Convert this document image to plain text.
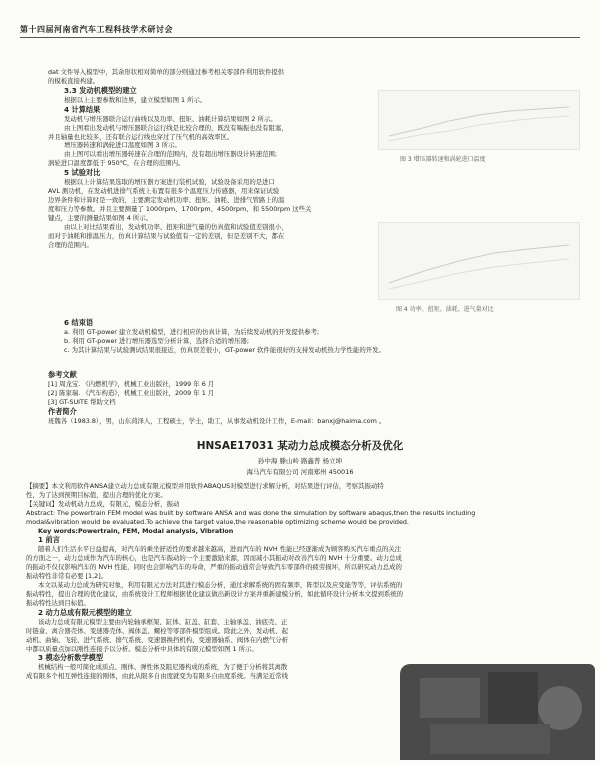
第十四届河南省汽车工程科技学术研讨会
dat 文件导入模型中，其余形状相对简单的部分则通过参考相关零部件利用软件提供
的模板直接构建。
3.3 发动机模型的建立
根据以上主要参数和边界，建立模型如图 1 所示。
4 计算结果
发动机与增压器联合运行曲线以及功率、扭矩、油耗计算结果如图 2 所示。
由上图看出发动机与增压器联合运行线是比较合理的，既没有喘振也没有阻塞，
并且轴量也比较多，还有联合运行线也穿过了压气机的高效率区。
增压器转速和涡轮进口温度如图 3 所示。
由上图可以看出增压器转速在合理的范围内，没有超出增压器设计转速范围;
涡轮进口温度都低于 950℃，在合理的范围内。
5 试验对比
根据以上计算结果选取的增压器方案进行装机试验，试验设备采用的是进口
AVL 测功机，在发动机进排气系统上布置有很多个温度压力传感器，用来保证试验
边界条件和计算时是一致的，主要测定发动机功率、扭矩、油耗、进排气管路上的温
度和压力等参数。并且主要测量了 1000rpm、1700rpm、4500rpm、和 5500rpm 这些关
键点，主要的测量结果如图 4 所示。
由以上对比结果看出，发动机功率、扭矩和进气量的仿真值和试验值差别很小，
而对于油耗和排温压力，仿真计算结果与试验值有一定的差别，但是差别不大，都在
合理的范围内。
图 3 增压器转速和涡轮进口温度
图 4 功率、扭矩、油耗、进气量对比
6 结束语
a. 利用 GT-power 建立发动机模型，进行相应的仿真计算，为后续发动机的开发提供参考;
b. 利用 GT-power 进行增压器选型分析计算，选择合适的增压器;
c. 为其计算结果与试验测试结果很接近，仿真误差很小，GT-power 软件能很好的支持发动机热力学性能的开发。
参考文献
[1] 周龙宝. 《内燃机学》，机械工业出版社，1999 年 6 月
[2] 陈家瑞. 《汽车构造》，机械工业出版社，2009 年 1 月
[3] GT-SUITE 帮助文档
作者简介
班魏各（1983.8），男，山东菏泽人，工程硕士，学士，助工，从事发动机设计工作，E-mail：banxj@haima.com 。
HNSAE17031 某动力总成模态分析及优化
孙中海 滕山岭 路鑫普 杨立坤
海马汽车有限公司 河南郑州 450016
【摘要】本文利用软件ANSA建立动力总成有限元模型并用软件ABAQUS对模型进行求解分析，对结果进行评估，考察其振动特
性，为了达到预期目标值，提出合理的优化方案。
【关键词】发动机动力总成，有限元，模态分析，振动
Abstract: The powertrain FEM model was built by software ANSA and was done the simulation by software abaqus,then the results including
modal&vibration would be evaluated.To achieve the target value,the reasonable optimizing scheme would be provided.
Key words:Powertrain, FEM, Modal analysis, Vibration
1 前言
随着人们生活水平日益提高，对汽车的乘坐舒适性的要求越来越高，进而汽车的 NVH 性能已经逐渐成为顾客购买汽车重点的关注
的方面之一，动力总成作为汽车的核心，也是汽车振动的一个主要激励来源，因而减小其振动对改善汽车的 NVH 十分重要。动力总成
的振动不仅仅影响汽车的 NVH 性能，同时也会影响汽车的寿命，严重的振动通常会导致汽车零部件的疲劳损坏，所以研究动力总成的
振动特性非常有必要 [1,2]。
本文以某动力总成为研究对象，利用有限元方法对其进行模态分析，通过求解系统的固有频率，阵型以及应变能等等，评估系统的
振动特性，提出合理的优化建议，由系统设计工程师根据优化建议做出新设计方案并重新建模分析，如此循环设计分析本文提到系统的
振动特性达到目标值。
2 动力总成有限元模型的建立
该动力总成有限元模型主要由内轮轴承框架、缸体、缸盖、缸套、主轴承盖、油底壳、正
时链盒、离合器壳体、变速器壳体、阀体盖、螺栓等零部件模型组成。除此之外，发动机、起
动机、曲轴、飞轮、进气系统、排气系统、变速器换挡机构、变速器轴系、阀体在内燃气分析
中都以质量点加以刚性连接予以分析。模态分析中具体的有限元模型如图 1 所示。
3 模态分析数学模型
机械结构一般可简化成质点、刚体、弹性体及阻尼器构成的系统，为了便于分析将其离散
成有限多个相互弹性连接的刚体，由此从限多自由度就变为有限多自由度系统。当满足近常线
